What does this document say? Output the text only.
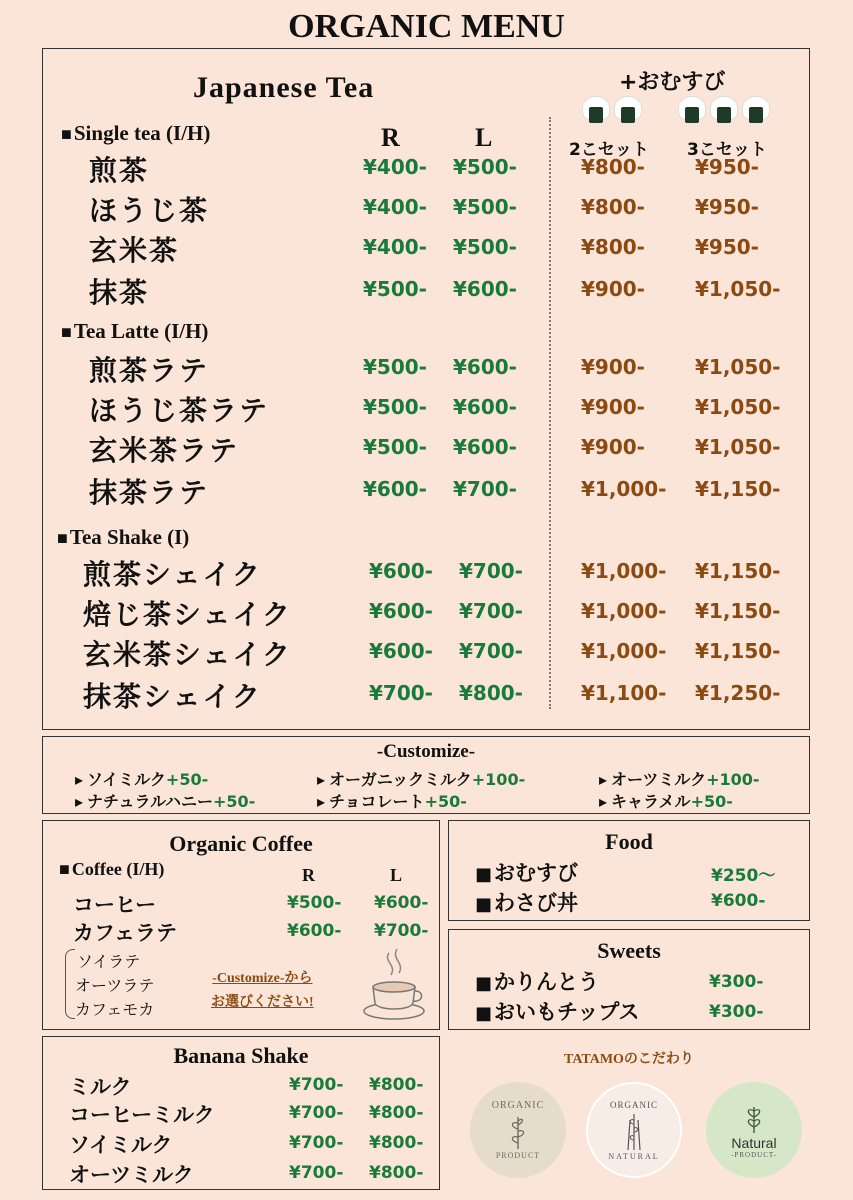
ORGANIC MENU
Japanese Tea	+おむすび
R	L	2こセット 3こセット
■ Single tea (I/H)
煎茶	¥400- ¥500-	¥800-	¥950-
ほうじ茶	¥400- ¥500-	¥800-	¥950-
玄米茶	¥400- ¥500-	¥800-	¥950-
抹茶	¥500- ¥600-	¥900-	¥1,050-
■ Tea Latte (I/H)
煎茶ラテ	¥500- ¥600-	¥900-	¥1,050-
ほうじ茶ラテ	¥500- ¥600-	¥900-	¥1,050-
玄米茶ラテ	¥500- ¥600-	¥900-	¥1,050-
抹茶ラテ	¥600- ¥700-	¥1,000- ¥1,150-
■ Tea Shake (I)
煎茶シェイク	¥600- ¥700-	¥1,000- ¥1,150-
焙じ茶シェイク	¥600- ¥700-	¥1,000- ¥1,150-
玄米茶シェイク	¥600- ¥700-	¥1,000- ¥1,150-
抹茶シェイク	¥700- ¥800-	¥1,100- ¥1,250-
-Customize-
▸ ソイミルク+50-	▸ オーガニックミルク+100-	▸ オーツミルク+100-
▸ ナチュラルハニー+50-	▸ チョコレート+50-	▸ キャラメル+50-
Organic Coffee
■ Coffee (I/H)	R	L
コーヒー	¥500- ¥600-
カフェラテ	¥600- ¥700-
ソイラテ
オーツラテ
カフェモカ
-Customize-から
お選びください!
Food
■ おむすび	¥250〜
■ わさび丼	¥600-
Sweets
■ かりんとう	¥300-
■ おいもチップス	¥300-
Banana Shake
ミルク	¥700- ¥800-
コーヒーミルク	¥700- ¥800-
ソイミルク	¥700- ¥800-
オーツミルク	¥700- ¥800-
TATAMOのこだわり
ORGANIC
PRODUCT
ORGANIC
NATURAL
Natural
-PRODUCT-
